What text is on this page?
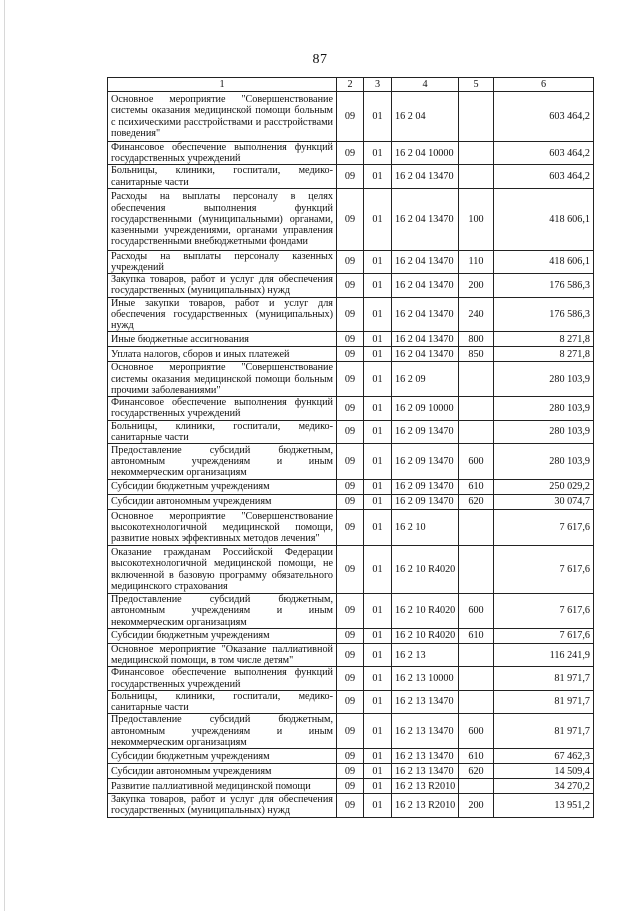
87
1	2	3	4	5	6
Основное мероприятие "Совершенствование системы оказания медицинской помощи больным с психическими расстройствами и расстройствами поведения"	09	01	16 2 04		603 464,2
Финансовое обеспечение выполнения функций государственных учреждений	09	01	16 2 04 10000		603 464,2
Больницы, клиники, госпитали, медико-санитарные части	09	01	16 2 04 13470		603 464,2
Расходы на выплаты персоналу в целях обеспечения выполнения функций государственными (муниципальными) органами, казенными учреждениями, органами управления государственными внебюджетными фондами	09	01	16 2 04 13470	100	418 606,1
Расходы на выплаты персоналу казенных учреждений	09	01	16 2 04 13470	110	418 606,1
Закупка товаров, работ и услуг для обеспечения государственных (муниципальных) нужд	09	01	16 2 04 13470	200	176 586,3
Иные закупки товаров, работ и услуг для обеспечения государственных (муниципальных) нужд	09	01	16 2 04 13470	240	176 586,3
Иные бюджетные ассигнования	09	01	16 2 04 13470	800	8 271,8
Уплата налогов, сборов и иных платежей	09	01	16 2 04 13470	850	8 271,8
Основное мероприятие "Совершенствование системы оказания медицинской помощи больным прочими заболеваниями"	09	01	16 2 09		280 103,9
Финансовое обеспечение выполнения функций государственных учреждений	09	01	16 2 09 10000		280 103,9
Больницы, клиники, госпитали, медико-санитарные части	09	01	16 2 09 13470		280 103,9
Предоставление субсидий бюджетным, автономным учреждениям и иным некоммерческим организациям	09	01	16 2 09 13470	600	280 103,9
Субсидии бюджетным учреждениям	09	01	16 2 09 13470	610	250 029,2
Субсидии автономным учреждениям	09	01	16 2 09 13470	620	30 074,7
Основное мероприятие "Совершенствование высокотехнологичной медицинской помощи, развитие новых эффективных методов лечения"	09	01	16 2 10		7 617,6
Оказание гражданам Российской Федерации высокотехнологичной медицинской помощи, не включенной в базовую программу обязательного медицинского страхования	09	01	16 2 10 R4020		7 617,6
Предоставление субсидий бюджетным, автономным учреждениям и иным некоммерческим организациям	09	01	16 2 10 R4020	600	7 617,6
Субсидии бюджетным учреждениям	09	01	16 2 10 R4020	610	7 617,6
Основное мероприятие "Оказание паллиативной медицинской помощи, в том числе детям"	09	01	16 2 13		116 241,9
Финансовое обеспечение выполнения функций государственных учреждений	09	01	16 2 13 10000		81 971,7
Больницы, клиники, госпитали, медико-санитарные части	09	01	16 2 13 13470		81 971,7
Предоставление субсидий бюджетным, автономным учреждениям и иным некоммерческим организациям	09	01	16 2 13 13470	600	81 971,7
Субсидии бюджетным учреждениям	09	01	16 2 13 13470	610	67 462,3
Субсидии автономным учреждениям	09	01	16 2 13 13470	620	14 509,4
Развитие паллиативной медицинской помощи	09	01	16 2 13 R2010		34 270,2
Закупка товаров, работ и услуг для обеспечения государственных (муниципальных) нужд	09	01	16 2 13 R2010	200	13 951,2
